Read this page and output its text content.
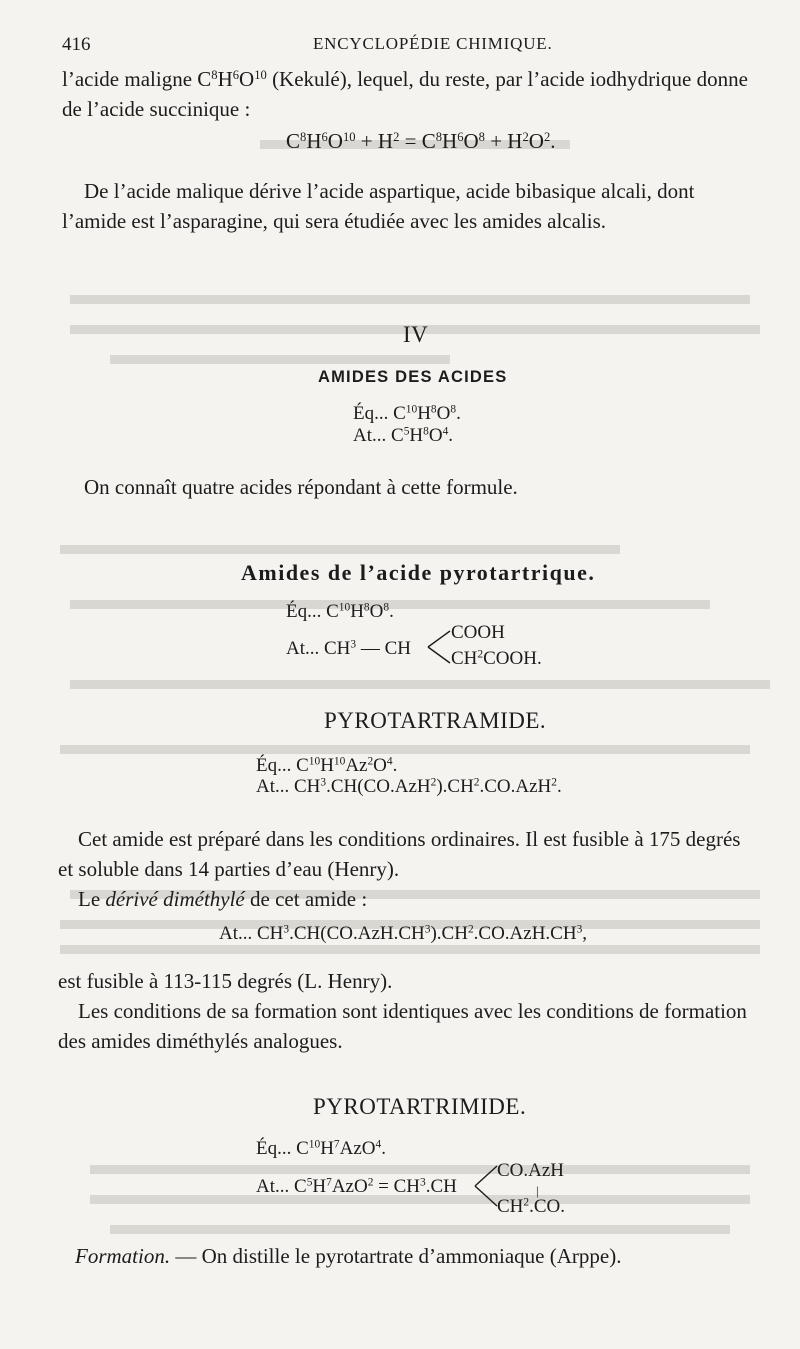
416	ENCYCLOPÉDIE CHIMIQUE.
l’acide maligne $C^8H^6O^{10}$ (Kekulé), lequel, du reste, par l’acide iodhydrique donne
de l’acide succinique :
$C^8H^6O^{10} + H^2 = C^8H^6O^8 + H^2O^2$.
De l’acide malique dérive l’acide aspartique, acide bibasique alcali, dont
l’amide est l’asparagine, qui sera étudiée avec les amides alcalis.
IV
AMIDES DES ACIDES
Éq... $C^{10}H^8O^8$.
At... $C^5H^8O^4$.
On connaît quatre acides répondant à cette formule.
Amides de l’acide pyrotartrique.
Éq... $C^{10}H^8O^8$.
At... $CH^3$ — CH
COOH
$CH^2COOH$.
PYROTARTRAMIDE.
Éq... $C^{10}H^{10}Az^2O^4$.
At... $CH^3.CH(CO.AzH^2).CH^2.CO.AzH^2$.
Cet amide est préparé dans les conditions ordinaires. Il est fusible à 175 degrés
et soluble dans 14 parties d’eau (Henry).
Le dérivé diméthylé de cet amide :
At... $CH^3.CH(CO.AzH.CH^3).CH^2.CO.AzH.CH^3$,
est fusible à 113-115 degrés (L. Henry).
Les conditions de sa formation sont identiques avec les conditions de formation
des amides diméthylés analogues.
PYROTARTRIMIDE.
Éq... $C^{10}H^7AzO^4$.
At... $C^5H^7AzO^2 = CH^3.CH$
CO.AzH
|
$CH^2.CO$.
Formation. — On distille le pyrotartrate d’ammoniaque (Arppe).
